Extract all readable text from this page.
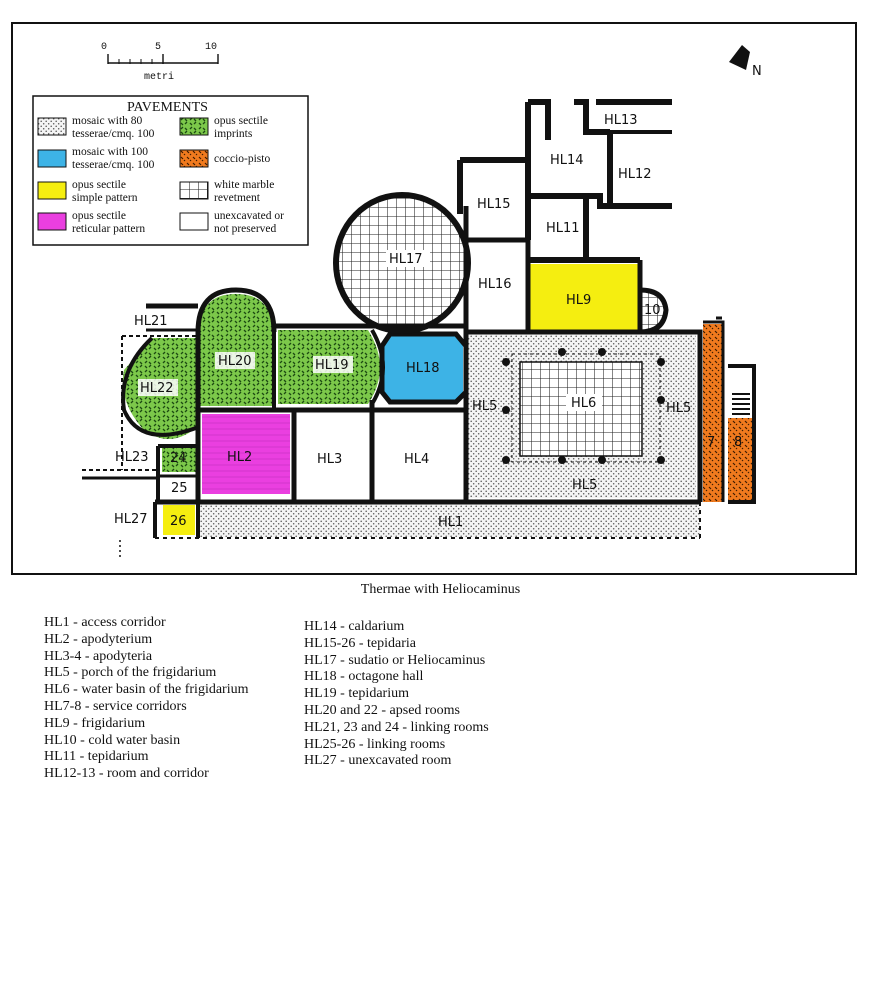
0	5	10
metri	N
PAVEMENTS
mosaic with 80
tesserae/cmq. 100
opus sectile
imprints
mosaic with 100
tesserae/cmq. 100	coccio-pisto
opus sectile
simple pattern
white marble
revetment
opus sectile
reticular pattern
unexcavated or
not preserved
HL1
HL2	HL3	HL4
HL5	HL5
HL5
HL6
7 8
HL9
10
HL11
HL12
HL13
HL14
HL15
HL16
HL17
HL18
HL19
HL20
HL21
HL22
HL23 24
25
26
HL27
Thermae with Heliocaminus
HL1 - access corridor
HL2 - apodyterium
HL3-4 - apodyteria
HL5 - porch of the frigidarium
HL6 - water basin of the frigidarium
HL7-8 - service corridors
HL9 - frigidarium
HL10 - cold water basin
HL11 - tepidarium
HL12-13 - room and corridor
HL14 - caldarium
HL15-26 - tepidaria
HL17 - sudatio or Heliocaminus
HL18 - octagone hall
HL19 - tepidarium
HL20 and 22 - apsed rooms
HL21, 23 and 24 - linking rooms
HL25-26 - linking rooms
HL27 - unexcavated room
